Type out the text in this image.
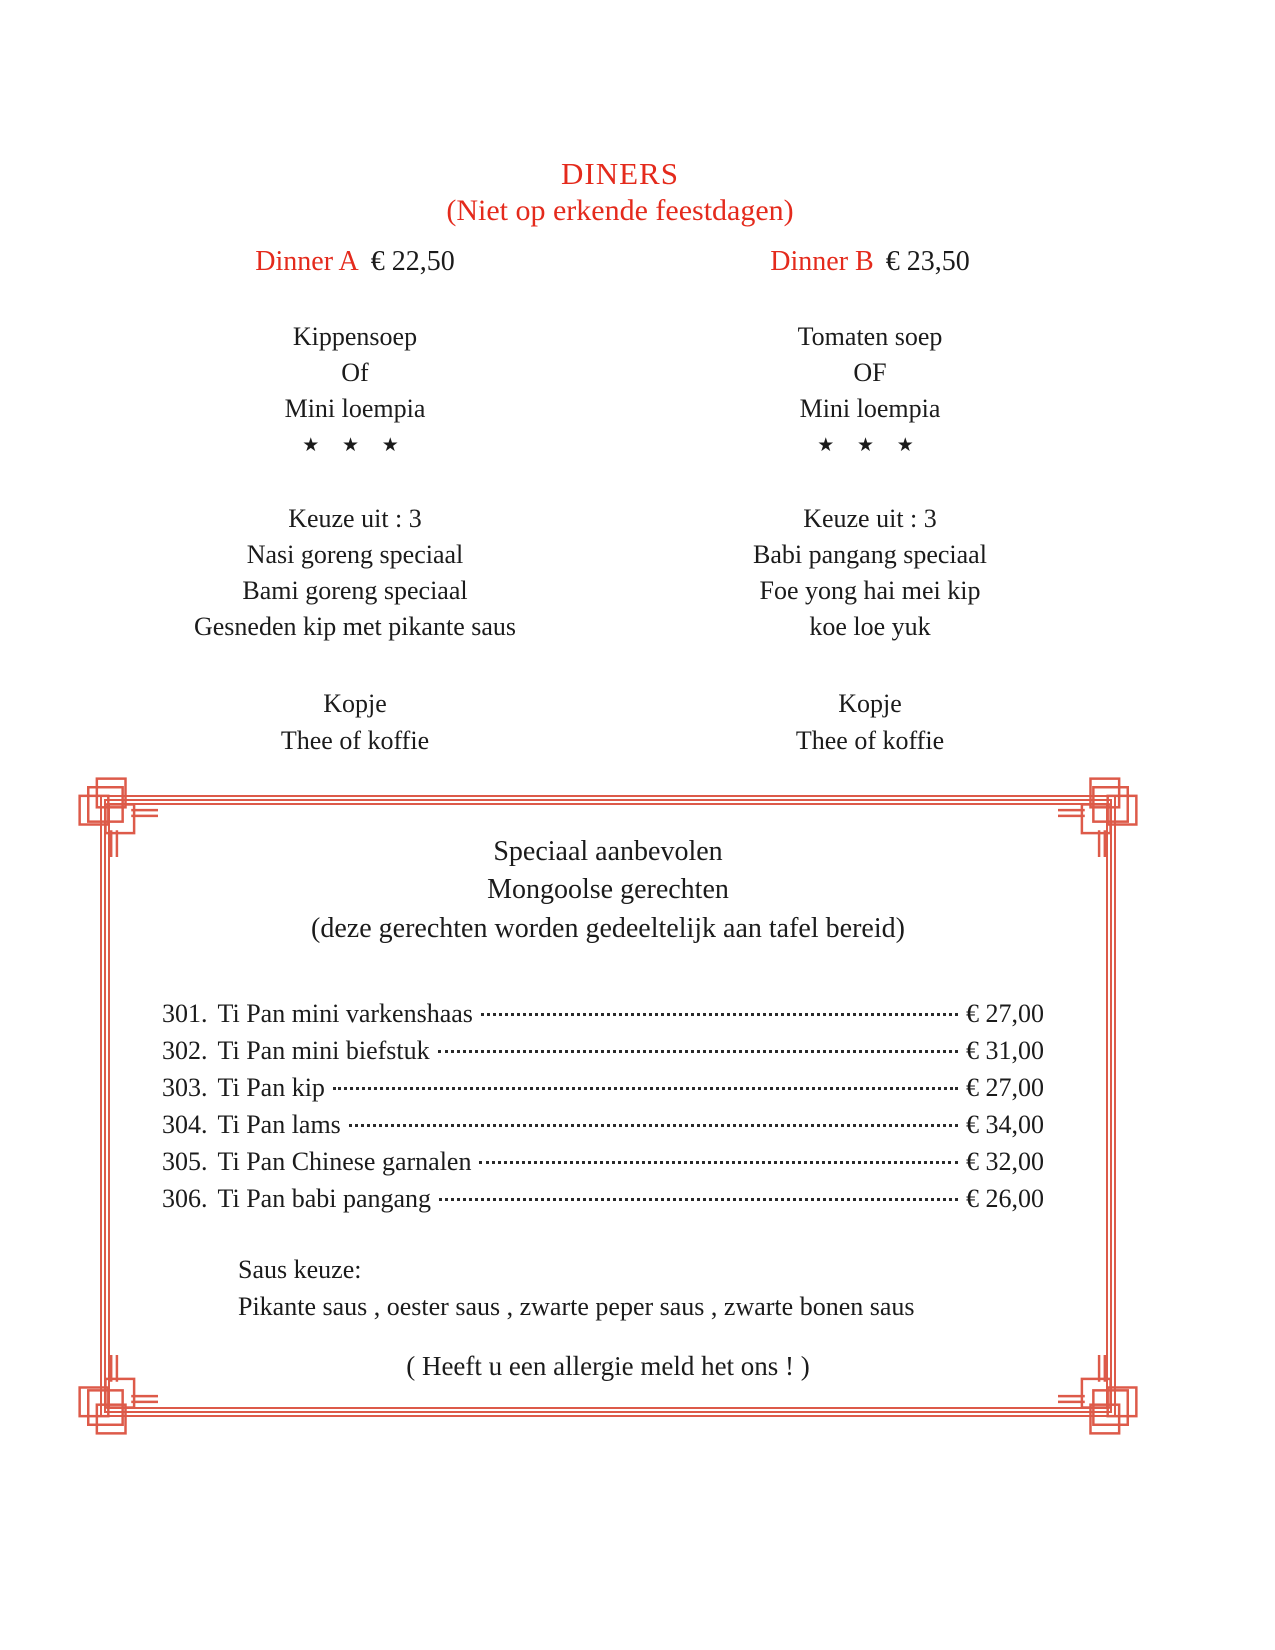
DINERS
(Niet op erkende feestdagen)
Dinner A € 22,50
Kippensoep
Of
Mini loempia
★ ★ ★
Keuze uit : 3
Nasi goreng speciaal
Bami goreng speciaal
Gesneden kip met pikante saus
Kopje
Thee of koffie
Dinner B € 23,50
Tomaten soep
OF
Mini loempia
★ ★ ★
Keuze uit : 3
Babi pangang speciaal
Foe yong hai mei kip
koe loe yuk
Kopje
Thee of koffie
Speciaal aanbevolen
Mongoolse gerechten
(deze gerechten worden gedeeltelijk aan tafel bereid)
301. Ti Pan mini varkenshaas	€ 27,00
302. Ti Pan mini biefstuk	€ 31,00
303. Ti Pan kip	€ 27,00
304. Ti Pan lams	€ 34,00
305. Ti Pan Chinese garnalen	€ 32,00
306. Ti Pan babi pangang	€ 26,00
Saus keuze:
Pikante saus , oester saus , zwarte peper saus , zwarte bonen saus
( Heeft u een allergie meld het ons ! )
